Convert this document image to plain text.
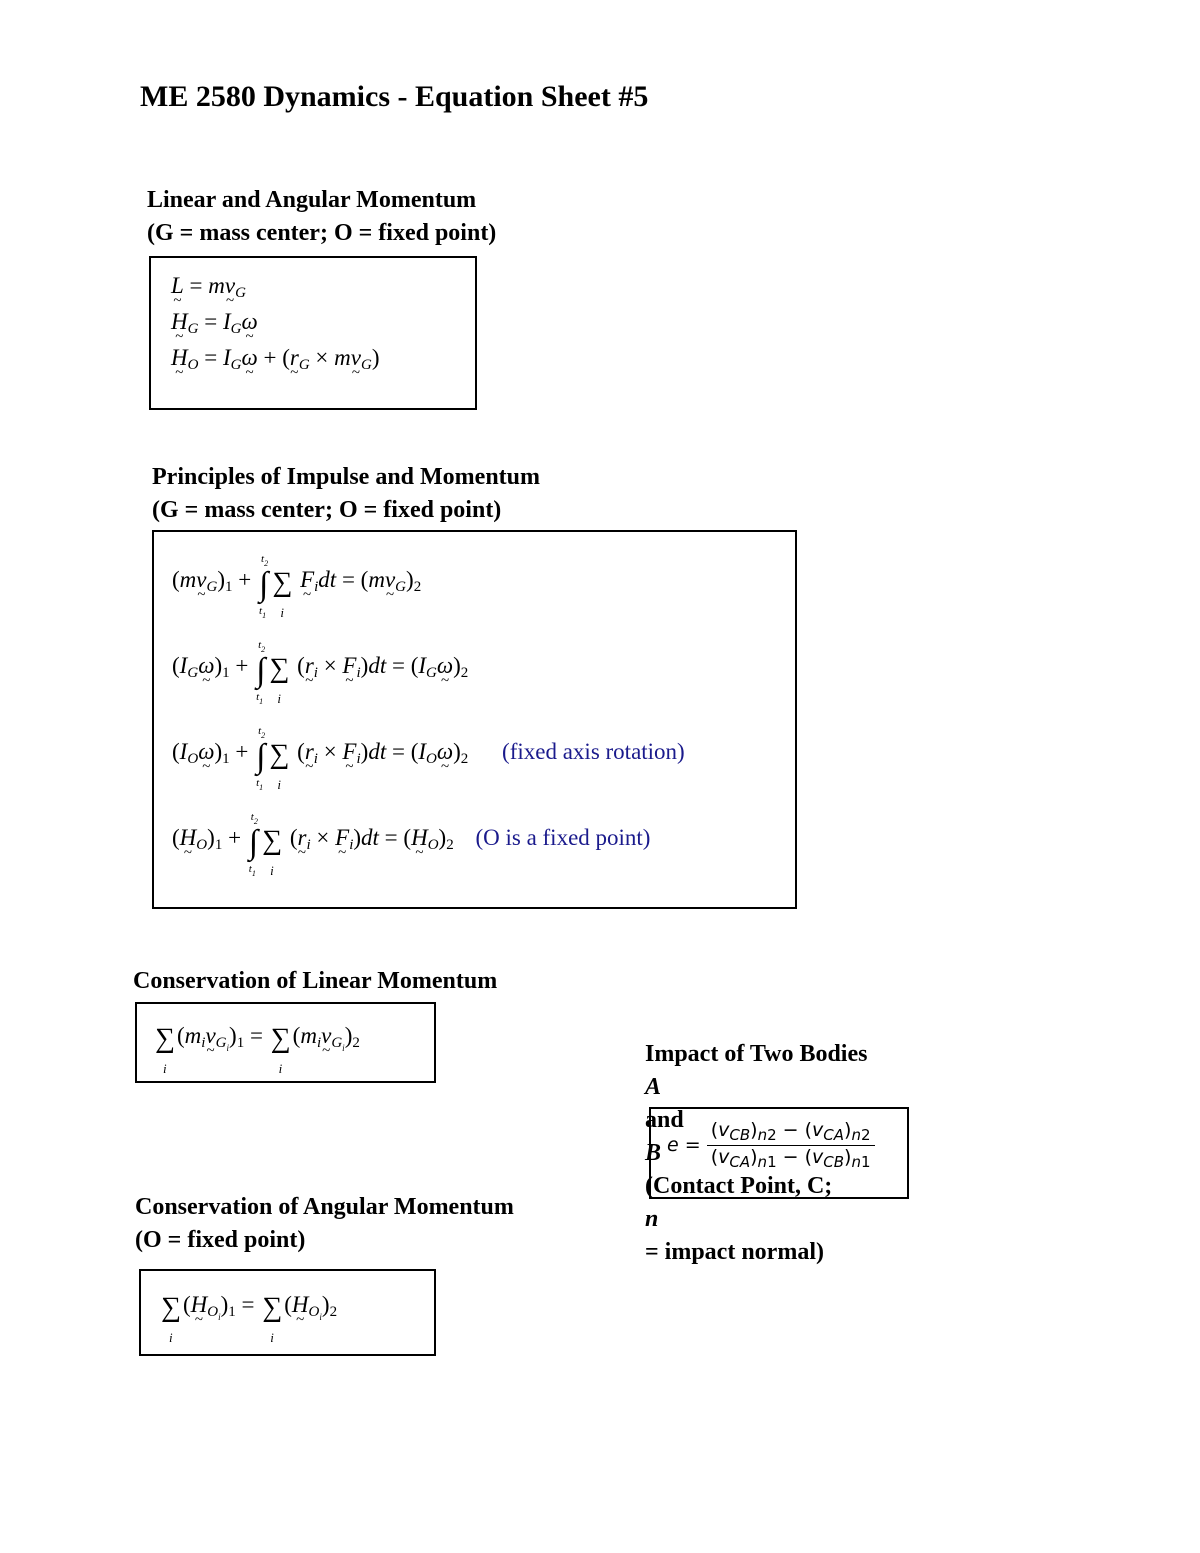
ME 2580 Dynamics - Equation Sheet #5
Linear and Angular Momentum
(G = mass center; O = fixed point)
L ~ = mv $\sim_G$
H $\sim_G = I_G\omega$ ~
H $\sim_O = I_G\omega$ ~ + (r $\sim_G$ × mv $\sim_G$)
Principles of Impulse and Momentum
(G = mass center; O = fixed point)
(mv $\sim_G)_1$ + ∫
$t_2$
$t_1$
∑
i
F $\sim_idt = (mv$ $\sim_G)_2$
($I_G\omega$ $\sim)_1$ + ∫
$t_2$
$t_1$
∑
i
(r $\sim_i \times F$ $\sim_i)dt = (I_G\omega$ $\sim)_2$
($I_O\omega$ $\sim)_1$ + ∫
$t_2$
$t_1$
∑
i
(r $\sim_i \times F$ $\sim_i)dt = (I_O\omega$ $\sim)_2$ (fixed axis rotation)
(H $\sim_O)_1$ + ∫
$t_2$
$t_1$
∑
i
(r $\sim_i \times F$ $\sim_i)dt = (H$ $\sim_O)_2$ (O is a fixed point)
Conservation of Linear Momentum
∑
i
($m_iv$ $\sim_{G_i})_1$ = ∑
i
($m_iv$ $\sim_{G_i})_2$	Impact of Two Bodies
A
and
B
(Contact Point, C;
n
= impact normal)
$e = \frac{(v_{CB})_{n2} - (v_{CA})_{n2}}{(v_{CA})_{n1} - (v_{CB})_{n1}}$
Conservation of Angular Momentum
(O = fixed point)
∑
i
(H $\sim_{O_i})_1$ = ∑
i
(H $\sim_{O_i})_2$
